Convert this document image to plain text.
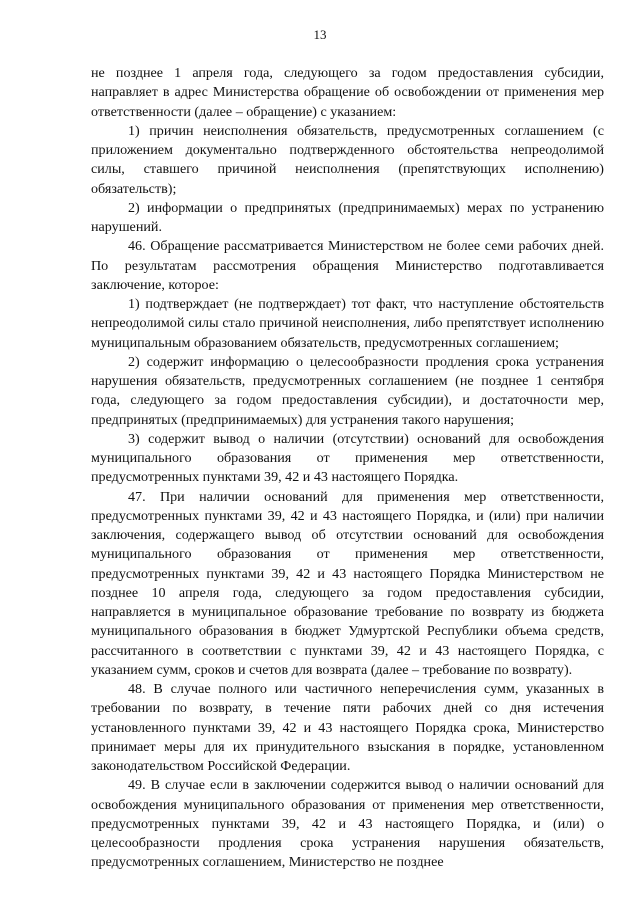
13

не позднее 1 апреля года, следующего за годом предоставления субсидии, направляет в адрес Министерства обращение об освобождении от применения мер ответственности (далее – обращение) с указанием:

1) причин неисполнения обязательств, предусмотренных соглашением (с приложением документально подтвержденного обстоятельства непреодолимой силы, ставшего причиной неисполнения (препятствующих исполнению) обязательств);

2) информации о предпринятых (предпринимаемых) мерах по устранению нарушений.

46. Обращение рассматривается Министерством не более семи рабочих дней. По результатам рассмотрения обращения Министерство подготавливается заключение, которое:

1) подтверждает (не подтверждает) тот факт, что наступление обстоятельств непреодолимой силы стало причиной неисполнения, либо препятствует исполнению муниципальным образованием обязательств, предусмотренных соглашением;

2) содержит информацию о целесообразности продления срока устранения нарушения обязательств, предусмотренных соглашением (не позднее 1 сентября года, следующего за годом предоставления субсидии), и достаточности мер, предпринятых (предпринимаемых) для устранения такого нарушения;

3) содержит вывод о наличии (отсутствии) оснований для освобождения муниципального образования от применения мер ответственности, предусмотренных пунктами 39, 42 и 43 настоящего Порядка.

47. При наличии оснований для применения мер ответственности, предусмотренных пунктами 39, 42 и 43 настоящего Порядка, и (или) при наличии заключения, содержащего вывод об отсутствии оснований для освобождения муниципального образования от применения мер ответственности, предусмотренных пунктами 39, 42 и 43 настоящего Порядка Министерством не позднее 10 апреля года, следующего за годом предоставления субсидии, направляется в муниципальное образование требование по возврату из бюджета муниципального образования в бюджет Удмуртской Республики объема средств, рассчитанного в соответствии с пунктами 39, 42 и 43 настоящего Порядка, с указанием сумм, сроков и счетов для возврата (далее – требование по возврату).

48. В случае полного или частичного неперечисления сумм, указанных в требовании по возврату, в течение пяти рабочих дней со дня истечения установленного пунктами 39, 42 и 43 настоящего Порядка срока, Министерство принимает меры для их принудительного взыскания в порядке, установленном законодательством Российской Федерации.

49. В случае если в заключении содержится вывод о наличии оснований для освобождения муниципального образования от применения мер ответственности, предусмотренных пунктами 39, 42 и 43 настоящего Порядка, и (или) о целесообразности продления срока устранения нарушения обязательств, предусмотренных соглашением, Министерство не позднее
